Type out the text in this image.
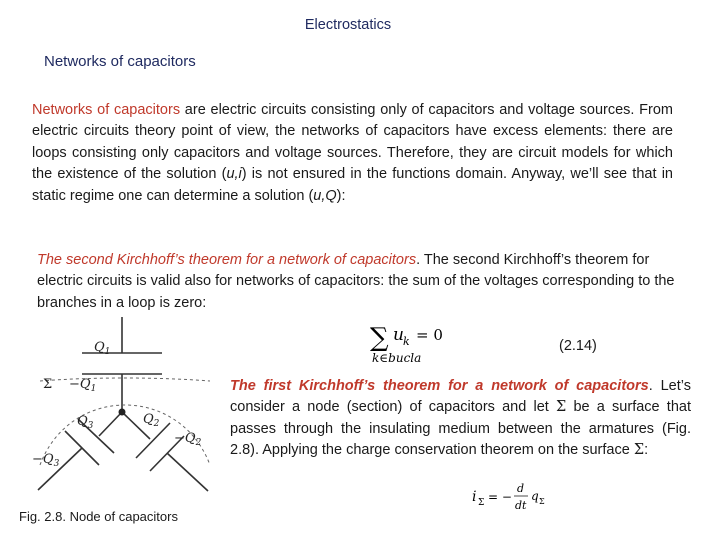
Electrostatics
Networks of capacitors
Networks of capacitors are electric circuits consisting only of capacitors and voltage sources. From electric circuits theory point of view, the networks of capacitors have excess elements: there are loops consisting only capacitors and voltage sources. Therefore, they are circuit models for which the existence of the solution (u,i) is not ensured in the functions domain. Anyway, we’ll see that in static regime one can determine a solution (u,Q):
The second Kirchhoff’s theorem for a network of capacitors. The second Kirchhoff’s theorem for electric circuits is valid also for networks of capacitors: the sum of the voltages corresponding to the branches in a loop is zero:
∑ u k = 0
k∈bucla
(2.14)
The first Kirchhoff’s theorem for a network of capacitors. Let’s consider a node (section) of capacitors and let Σ be a surface that passes through the insulating medium between the armatures (Fig. 2.8). Applying the charge conservation theorem on the surface Σ:
i Σ = −
d
dt
q Σ
$Q_1$
$-Q_1$
Σ
$Q_3$	$Q_2$
$-Q_2$
$-Q_3$
Fig. 2.8. Node of capacitors
